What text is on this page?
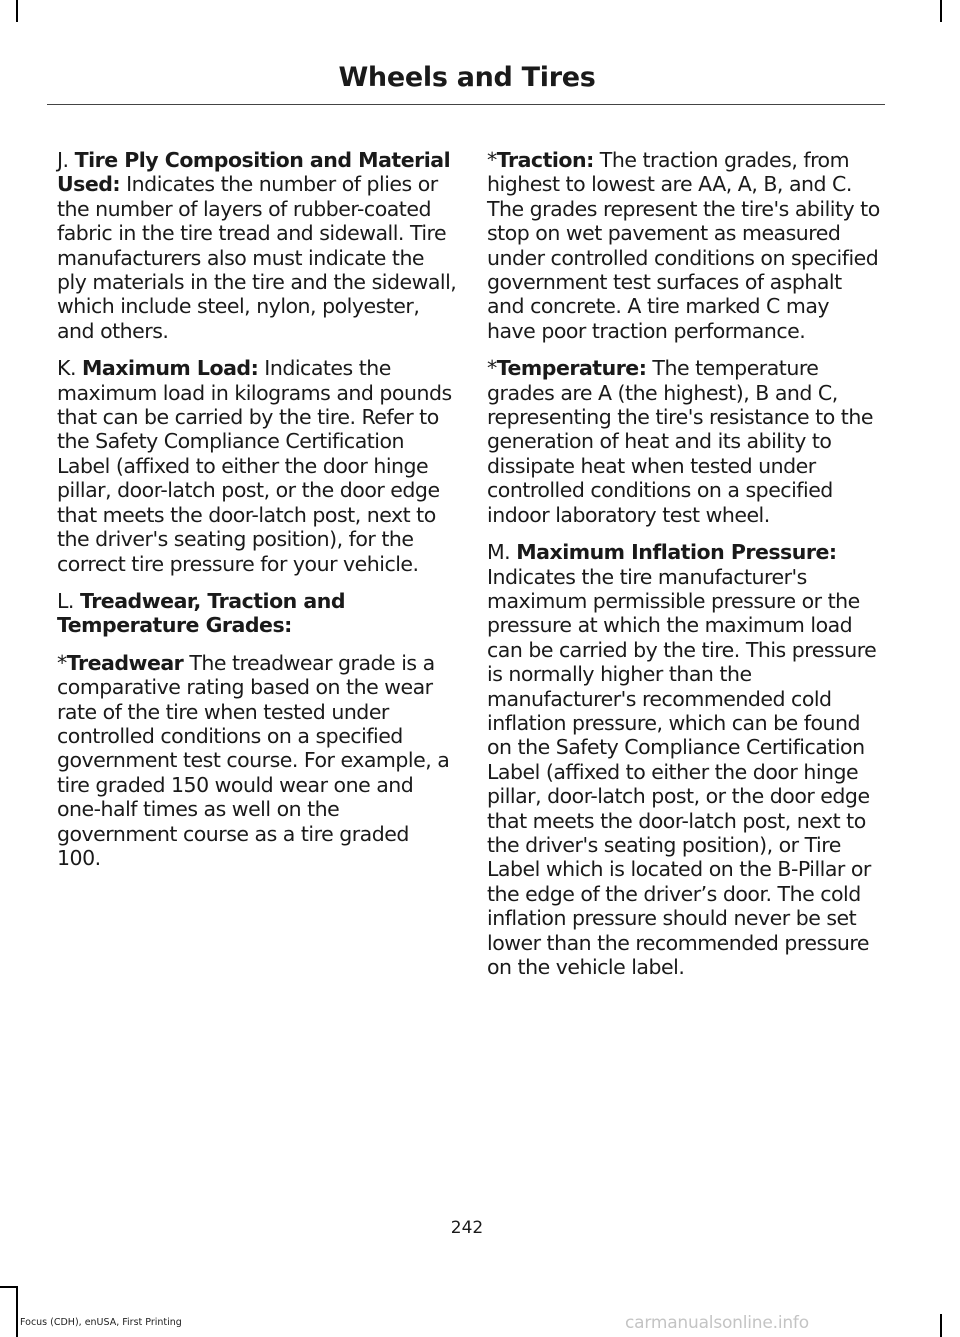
Wheels and Tires

J. Tire Ply Composition and Material Used: Indicates the number of plies or the number of layers of rubber-coated fabric in the tire tread and sidewall. Tire manufacturers also must indicate the ply materials in the tire and the sidewall, which include steel, nylon, polyester, and others.

K. Maximum Load: Indicates the maximum load in kilograms and pounds that can be carried by the tire. Refer to the Safety Compliance Certification Label (affixed to either the door hinge pillar, door-latch post, or the door edge that meets the door-latch post, next to the driver's seating position), for the correct tire pressure for your vehicle.

L. Treadwear, Traction and Temperature Grades:

*Treadwear The treadwear grade is a comparative rating based on the wear rate of the tire when tested under controlled conditions on a specified government test course. For example, a tire graded 150 would wear one and one-half times as well on the government course as a tire graded 100.

*Traction: The traction grades, from highest to lowest are AA, A, B, and C. The grades represent the tire's ability to stop on wet pavement as measured under controlled conditions on specified government test surfaces of asphalt and concrete. A tire marked C may have poor traction performance.

*Temperature: The temperature grades are A (the highest), B and C, representing the tire's resistance to the generation of heat and its ability to dissipate heat when tested under controlled conditions on a specified indoor laboratory test wheel.

M. Maximum Inflation Pressure: Indicates the tire manufacturer's maximum permissible pressure or the pressure at which the maximum load can be carried by the tire. This pressure is normally higher than the manufacturer's recommended cold inflation pressure, which can be found on the Safety Compliance Certification Label (affixed to either the door hinge pillar, door-latch post, or the door edge that meets the door-latch post, next to the driver's seating position), or Tire Label which is located on the B-Pillar or the edge of the driver’s door. The cold inflation pressure should never be set lower than the recommended pressure on the vehicle label.

242
Focus (CDH), enUSA, First Printing	carmanualsonline.info
